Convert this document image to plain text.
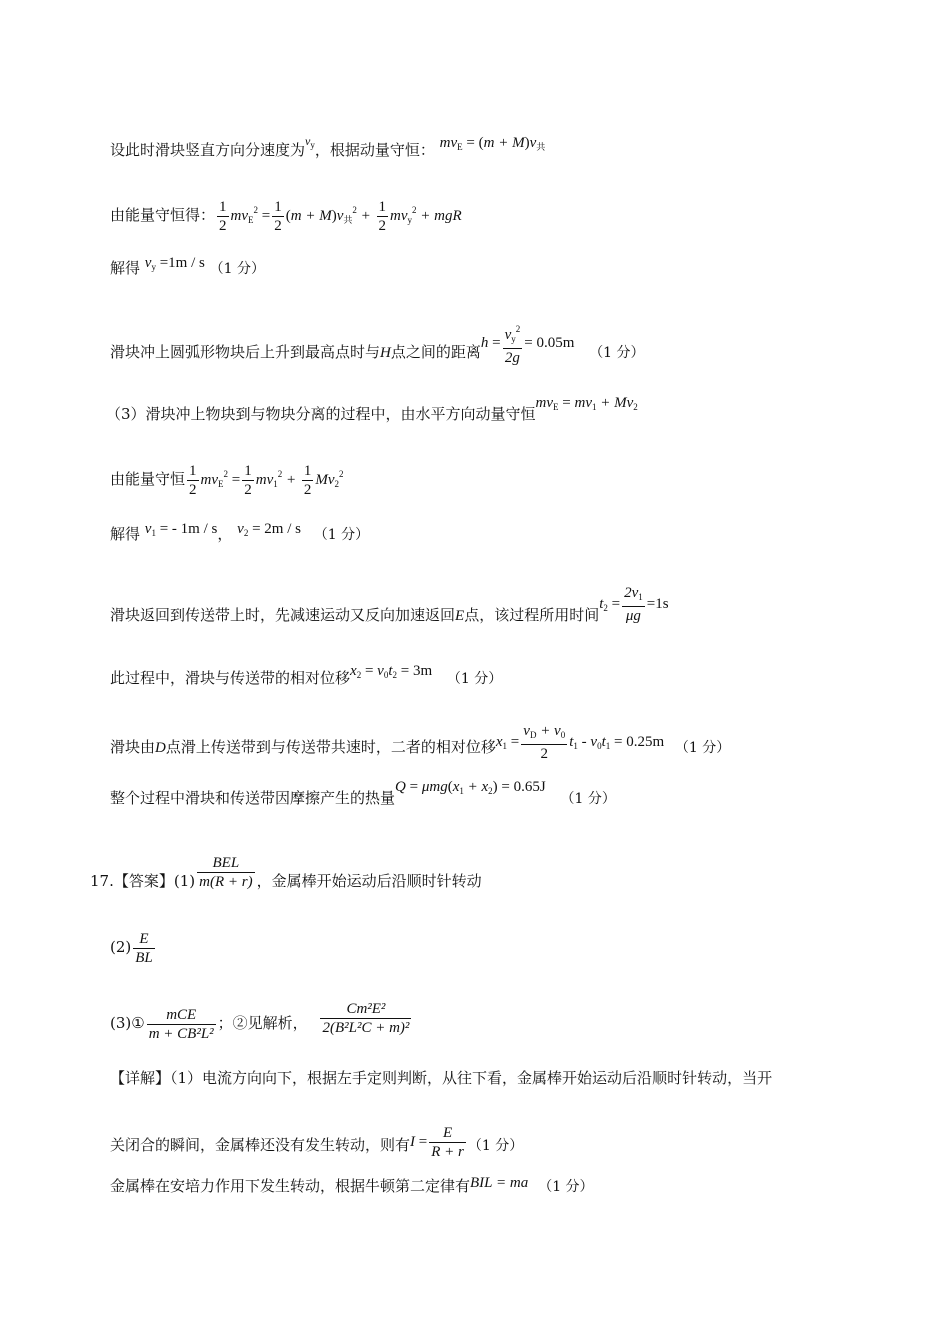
设此时滑块竖直方向分速度为$^{v_y}$，根据动量守恒： $mv_E = (m + M)v_共$
由能量守恒得： $\frac{1}{2} mv_E^2 = \frac{1}{2} (m + M)v_共^2 + \frac{1}{2} mv_y^2$ + mgR
解得 $v_y =1m / s$ （1 分）
滑块冲上圆弧形物块后上升到最高点时与H点之间的距离$h = \frac{v_y^2}{2g} = 0.05m$ （1 分）
（3）滑块冲上物块到与物块分离的过程中，由水平方向动量守恒$mv_E = mv_1 + Mv_2$
由能量守恒 $\frac{1}{2} mv_E^2 = \frac{1}{2} mv_1^2 + \frac{1}{2} Mv_2^2$
解得 $v_1$ = - 1m / s， $v_2 = 2m / s$ （1 分）
滑块返回到传送带上时，先减速运动又反向加速返回E点，该过程所用时间$t_2 = \frac{2v_1}{\mu g} =1s$
此过程中，滑块与传送带的相对位移$x_2 = v_0t_2 = 3m$ （1 分）
滑块由D点滑上传送带到与传送带共速时，二者的相对位移$x_1 = \frac{v_D + v_0}{2} t_1 - v_0t_1 = 0.25m$ （1 分）
整个过程中滑块和传送带因摩擦产生的热量$Q = \mu mg(x_1 + x_2) = 0.65J$ （1 分）
17.【答案】$(1) \frac{\text{BEL}}{m(R + r)}$ ，金属棒开始运动后沿顺时针转动
$(2) \frac{E}{BL}$
(3)① $\frac{\text{mCE}}{\text{m + CB²L²}}$ ；②见解析， $\frac{\text{Cm²E²}}{\text{2(B²L²C + m)²}}$
【详解】（1）电流方向向下，根据左手定则判断，从往下看，金属棒开始运动后沿顺时针转动，当开
关闭合的瞬间，金属棒还没有发生转动，则有$I = \frac{E}{R + r} (1$ 分）
金属棒在安培力作用下发生转动，根据牛顿第二定律有BIL = ma （1 分）
